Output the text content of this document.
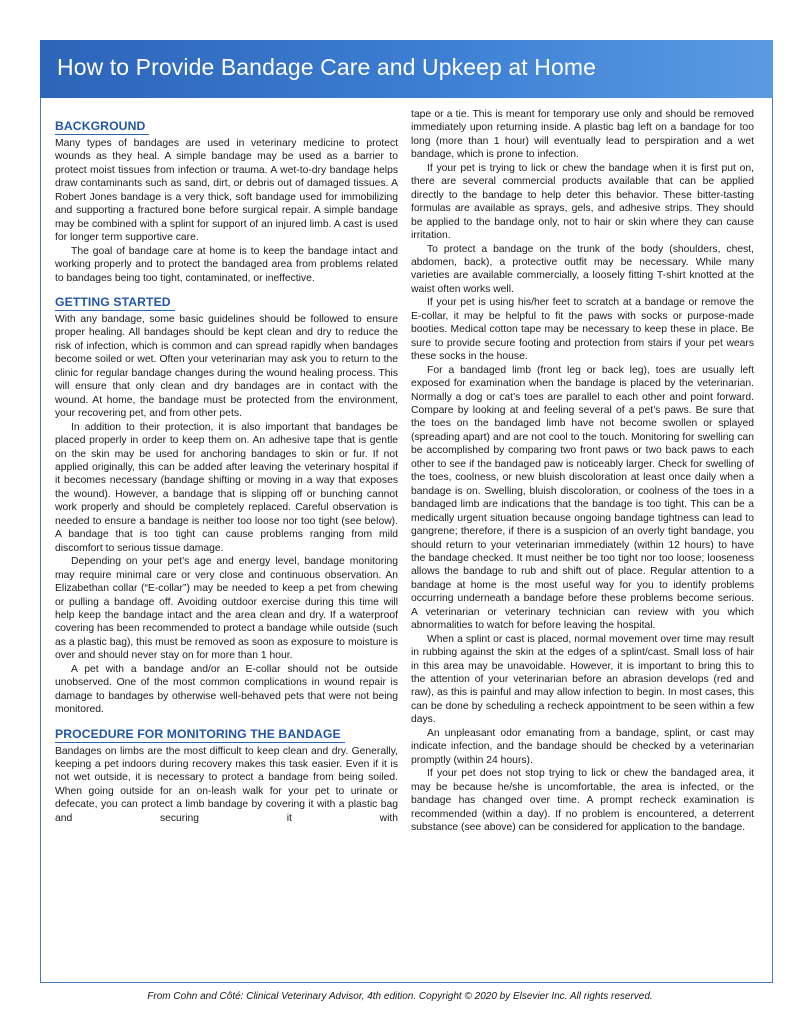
How to Provide Bandage Care and Upkeep at Home
BACKGROUND

Many types of bandages are used in veterinary medicine to protect wounds as they heal. A simple bandage may be used as a barrier to protect moist tissues from infection or trauma. A wet-to-dry bandage helps draw contaminants such as sand, dirt, or debris out of damaged tissues. A Robert Jones bandage is a very thick, soft bandage used for immobilizing and supporting a fractured bone before surgical repair. A simple bandage may be combined with a splint for support of an injured limb. A cast is used for longer term supportive care.

The goal of bandage care at home is to keep the bandage intact and working properly and to protect the bandaged area from problems related to bandages being too tight, contaminated, or ineffective.

GETTING STARTED

With any bandage, some basic guidelines should be followed to ensure proper healing. All bandages should be kept clean and dry to reduce the risk of infection, which is common and can spread rapidly when bandages become soiled or wet. Often your veterinarian may ask you to return to the clinic for regular bandage changes during the wound healing process. This will ensure that only clean and dry bandages are in contact with the wound. At home, the bandage must be protected from the environment, your recovering pet, and from other pets.

In addition to their protection, it is also important that bandages be placed properly in order to keep them on. An adhesive tape that is gentle on the skin may be used for anchoring bandages to skin or fur. If not applied originally, this can be added after leaving the veterinary hospital if it becomes necessary (bandage shifting or moving in a way that exposes the wound). However, a bandage that is slipping off or bunching cannot work properly and should be completely replaced. Careful observation is needed to ensure a bandage is neither too loose nor too tight (see below). A bandage that is too tight can cause problems ranging from mild discomfort to serious tissue damage.

Depending on your pet’s age and energy level, bandage monitoring may require minimal care or very close and continuous observation. An Elizabethan collar (“E-collar”) may be needed to keep a pet from chewing or pulling a bandage off. Avoiding outdoor exercise during this time will help keep the bandage intact and the area clean and dry. If a waterproof covering has been recommended to protect a bandage while outside (such as a plastic bag), this must be removed as soon as exposure to moisture is over and should never stay on for more than 1 hour.

A pet with a bandage and/or an E-collar should not be outside unobserved. One of the most common complications in wound repair is damage to bandages by otherwise well-behaved pets that were not being monitored.

PROCEDURE FOR MONITORING THE BANDAGE

Bandages on limbs are the most difficult to keep clean and dry. Generally, keeping a pet indoors during recovery makes this task easier. Even if it is not wet outside, it is necessary to protect a bandage from being soiled. When going outside for an on-leash walk for your pet to urinate or defecate, you can protect a limb bandage by covering it with a plastic bag and securing it with

tape or a tie. This is meant for temporary use only and should be removed immediately upon returning inside. A plastic bag left on a bandage for too long (more than 1 hour) will eventually lead to perspiration and a wet bandage, which is prone to infection.

If your pet is trying to lick or chew the bandage when it is first put on, there are several commercial products available that can be applied directly to the bandage to help deter this behavior. These bitter-tasting formulas are available as sprays, gels, and adhesive strips. They should be applied to the bandage only, not to hair or skin where they can cause irritation.

To protect a bandage on the trunk of the body (shoulders, chest, abdomen, back), a protective outfit may be necessary. While many varieties are available commercially, a loosely fitting T-shirt knotted at the waist often works well.

If your pet is using his/her feet to scratch at a bandage or remove the E-collar, it may be helpful to fit the paws with socks or purpose-made booties. Medical cotton tape may be necessary to keep these in place. Be sure to provide secure footing and protection from stairs if your pet wears these socks in the house.

For a bandaged limb (front leg or back leg), toes are usually left exposed for examination when the bandage is placed by the veterinarian. Normally a dog or cat’s toes are parallel to each other and point forward. Compare by looking at and feeling several of a pet’s paws. Be sure that the toes on the bandaged limb have not become swollen or splayed (spreading apart) and are not cool to the touch. Monitoring for swelling can be accomplished by comparing two front paws or two back paws to each other to see if the bandaged paw is noticeably larger. Check for swelling of the toes, coolness, or new bluish discoloration at least once daily when a bandage is on. Swelling, bluish discoloration, or coolness of the toes in a bandaged limb are indications that the bandage is too tight. This can be a medically urgent situation because ongoing bandage tightness can lead to gangrene; therefore, if there is a suspicion of an overly tight bandage, you should return to your veterinarian immediately (within 12 hours) to have the bandage checked. It must neither be too tight nor too loose; looseness allows the bandage to rub and shift out of place. Regular attention to a bandage at home is the most useful way for you to identify problems occurring underneath a bandage before these problems become serious. A veterinarian or veterinary technician can review with you which abnormalities to watch for before leaving the hospital.

When a splint or cast is placed, normal movement over time may result in rubbing against the skin at the edges of a splint/cast. Small loss of hair in this area may be unavoidable. However, it is important to bring this to the attention of your veterinarian before an abrasion develops (red and raw), as this is painful and may allow infection to begin. In most cases, this can be done by scheduling a recheck appointment to be seen within a few days.

An unpleasant odor emanating from a bandage, splint, or cast may indicate infection, and the bandage should be checked by a veterinarian promptly (within 24 hours).

If your pet does not stop trying to lick or chew the bandaged area, it may be because he/she is uncomfortable, the area is infected, or the bandage has changed over time. A prompt recheck examination is recommended (within a day). If no problem is encountered, a deterrent substance (see above) can be considered for application to the bandage.

From Cohn and Côté: Clinical Veterinary Advisor, 4th edition. Copyright © 2020 by Elsevier Inc. All rights reserved.
